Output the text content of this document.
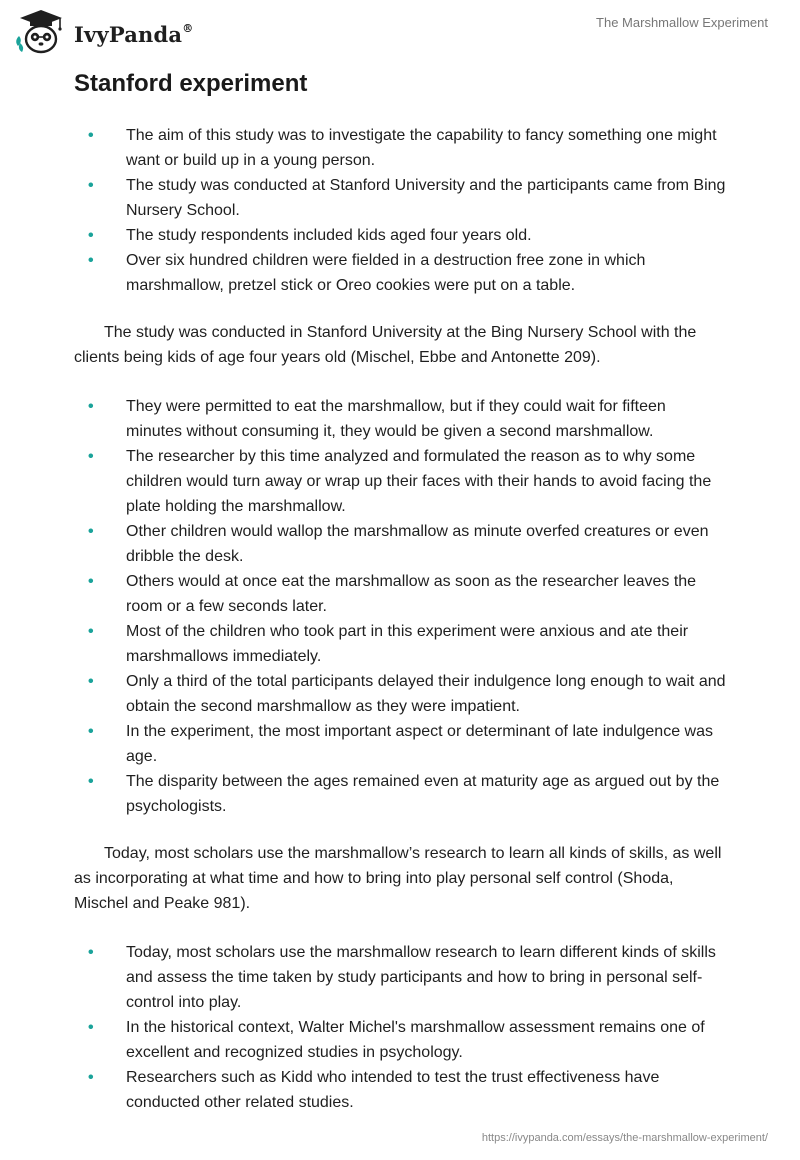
IvyPanda®	The Marshmallow Experiment
Stanford experiment
• The aim of this study was to investigate the capability to fancy something one might want or build up in a young person.
• The study was conducted at Stanford University and the participants came from Bing Nursery School.
• The study respondents included kids aged four years old.
• Over six hundred children were fielded in a destruction free zone in which marshmallow, pretzel stick or Oreo cookies were put on a table.

The study was conducted in Stanford University at the Bing Nursery School with the clients being kids of age four years old (Mischel, Ebbe and Antonette 209).

• They were permitted to eat the marshmallow, but if they could wait for fifteen minutes without consuming it, they would be given a second marshmallow.
• The researcher by this time analyzed and formulated the reason as to why some children would turn away or wrap up their faces with their hands to avoid facing the plate holding the marshmallow.
• Other children would wallop the marshmallow as minute overfed creatures or even dribble the desk.
• Others would at once eat the marshmallow as soon as the researcher leaves the room or a few seconds later.
• Most of the children who took part in this experiment were anxious and ate their marshmallows immediately.
• Only a third of the total participants delayed their indulgence long enough to wait and obtain the second marshmallow as they were impatient.
• In the experiment, the most important aspect or determinant of late indulgence was age.
• The disparity between the ages remained even at maturity age as argued out by the psychologists.

Today, most scholars use the marshmallow’s research to learn all kinds of skills, as well as incorporating at what time and how to bring into play personal self control (Shoda, Mischel and Peake 981).

• Today, most scholars use the marshmallow research to learn different kinds of skills and assess the time taken by study participants and how to bring in personal self- control into play.
• In the historical context, Walter Michel's marshmallow assessment remains one of excellent and recognized studies in psychology.
• Researchers such as Kidd who intended to test the trust effectiveness have conducted other related studies.
https://ivypanda.com/essays/the-marshmallow-experiment/
